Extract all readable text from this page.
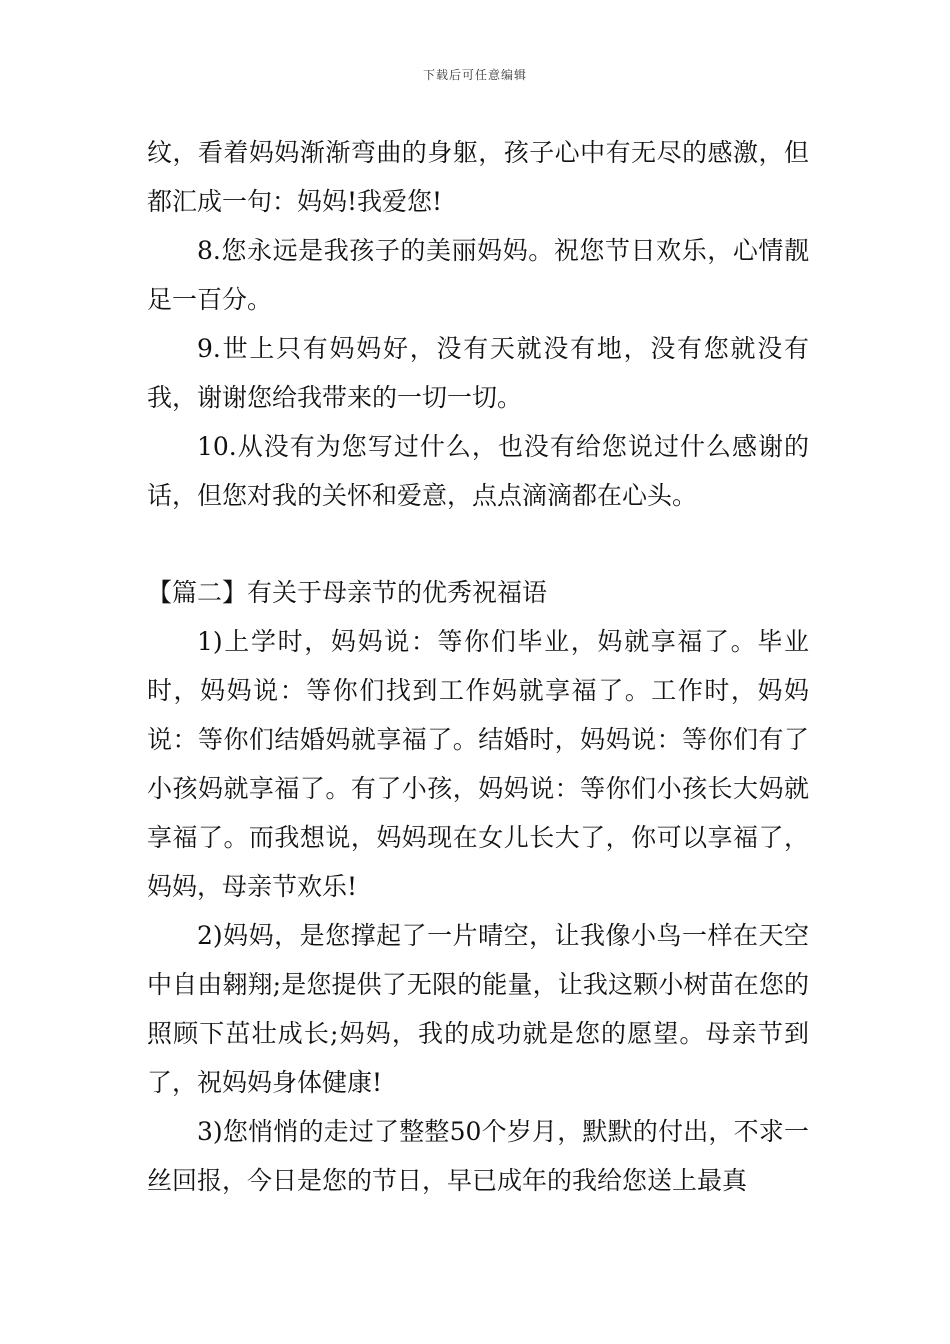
下载后可任意编辑

纹，看着妈妈渐渐弯曲的身躯，孩子心中有无尽的感激，但都汇成一句：妈妈!我爱您!

8.您永远是我孩子的美丽妈妈。祝您节日欢乐，心情靓足一百分。

9.世上只有妈妈好，没有天就没有地，没有您就没有我，谢谢您给我带来的一切一切。

10.从没有为您写过什么，也没有给您说过什么感谢的话，但您对我的关怀和爱意，点点滴滴都在心头。

【篇二】有关于母亲节的优秀祝福语

1)上学时，妈妈说：等你们毕业，妈就享福了。毕业时，妈妈说：等你们找到工作妈就享福了。工作时，妈妈说：等你们结婚妈就享福了。结婚时，妈妈说：等你们有了小孩妈就享福了。有了小孩，妈妈说：等你们小孩长大妈就享福了。而我想说，妈妈现在女儿长大了，你可以享福了，妈妈，母亲节欢乐!

2)妈妈，是您撑起了一片晴空，让我像小鸟一样在天空中自由翱翔;是您提供了无限的能量，让我这颗小树苗在您的照顾下茁壮成长;妈妈，我的成功就是您的愿望。母亲节到了，祝妈妈身体健康!

3)您悄悄的走过了整整50个岁月，默默的付出，不求一丝回报，今日是您的节日，早已成年的我给您送上最真
